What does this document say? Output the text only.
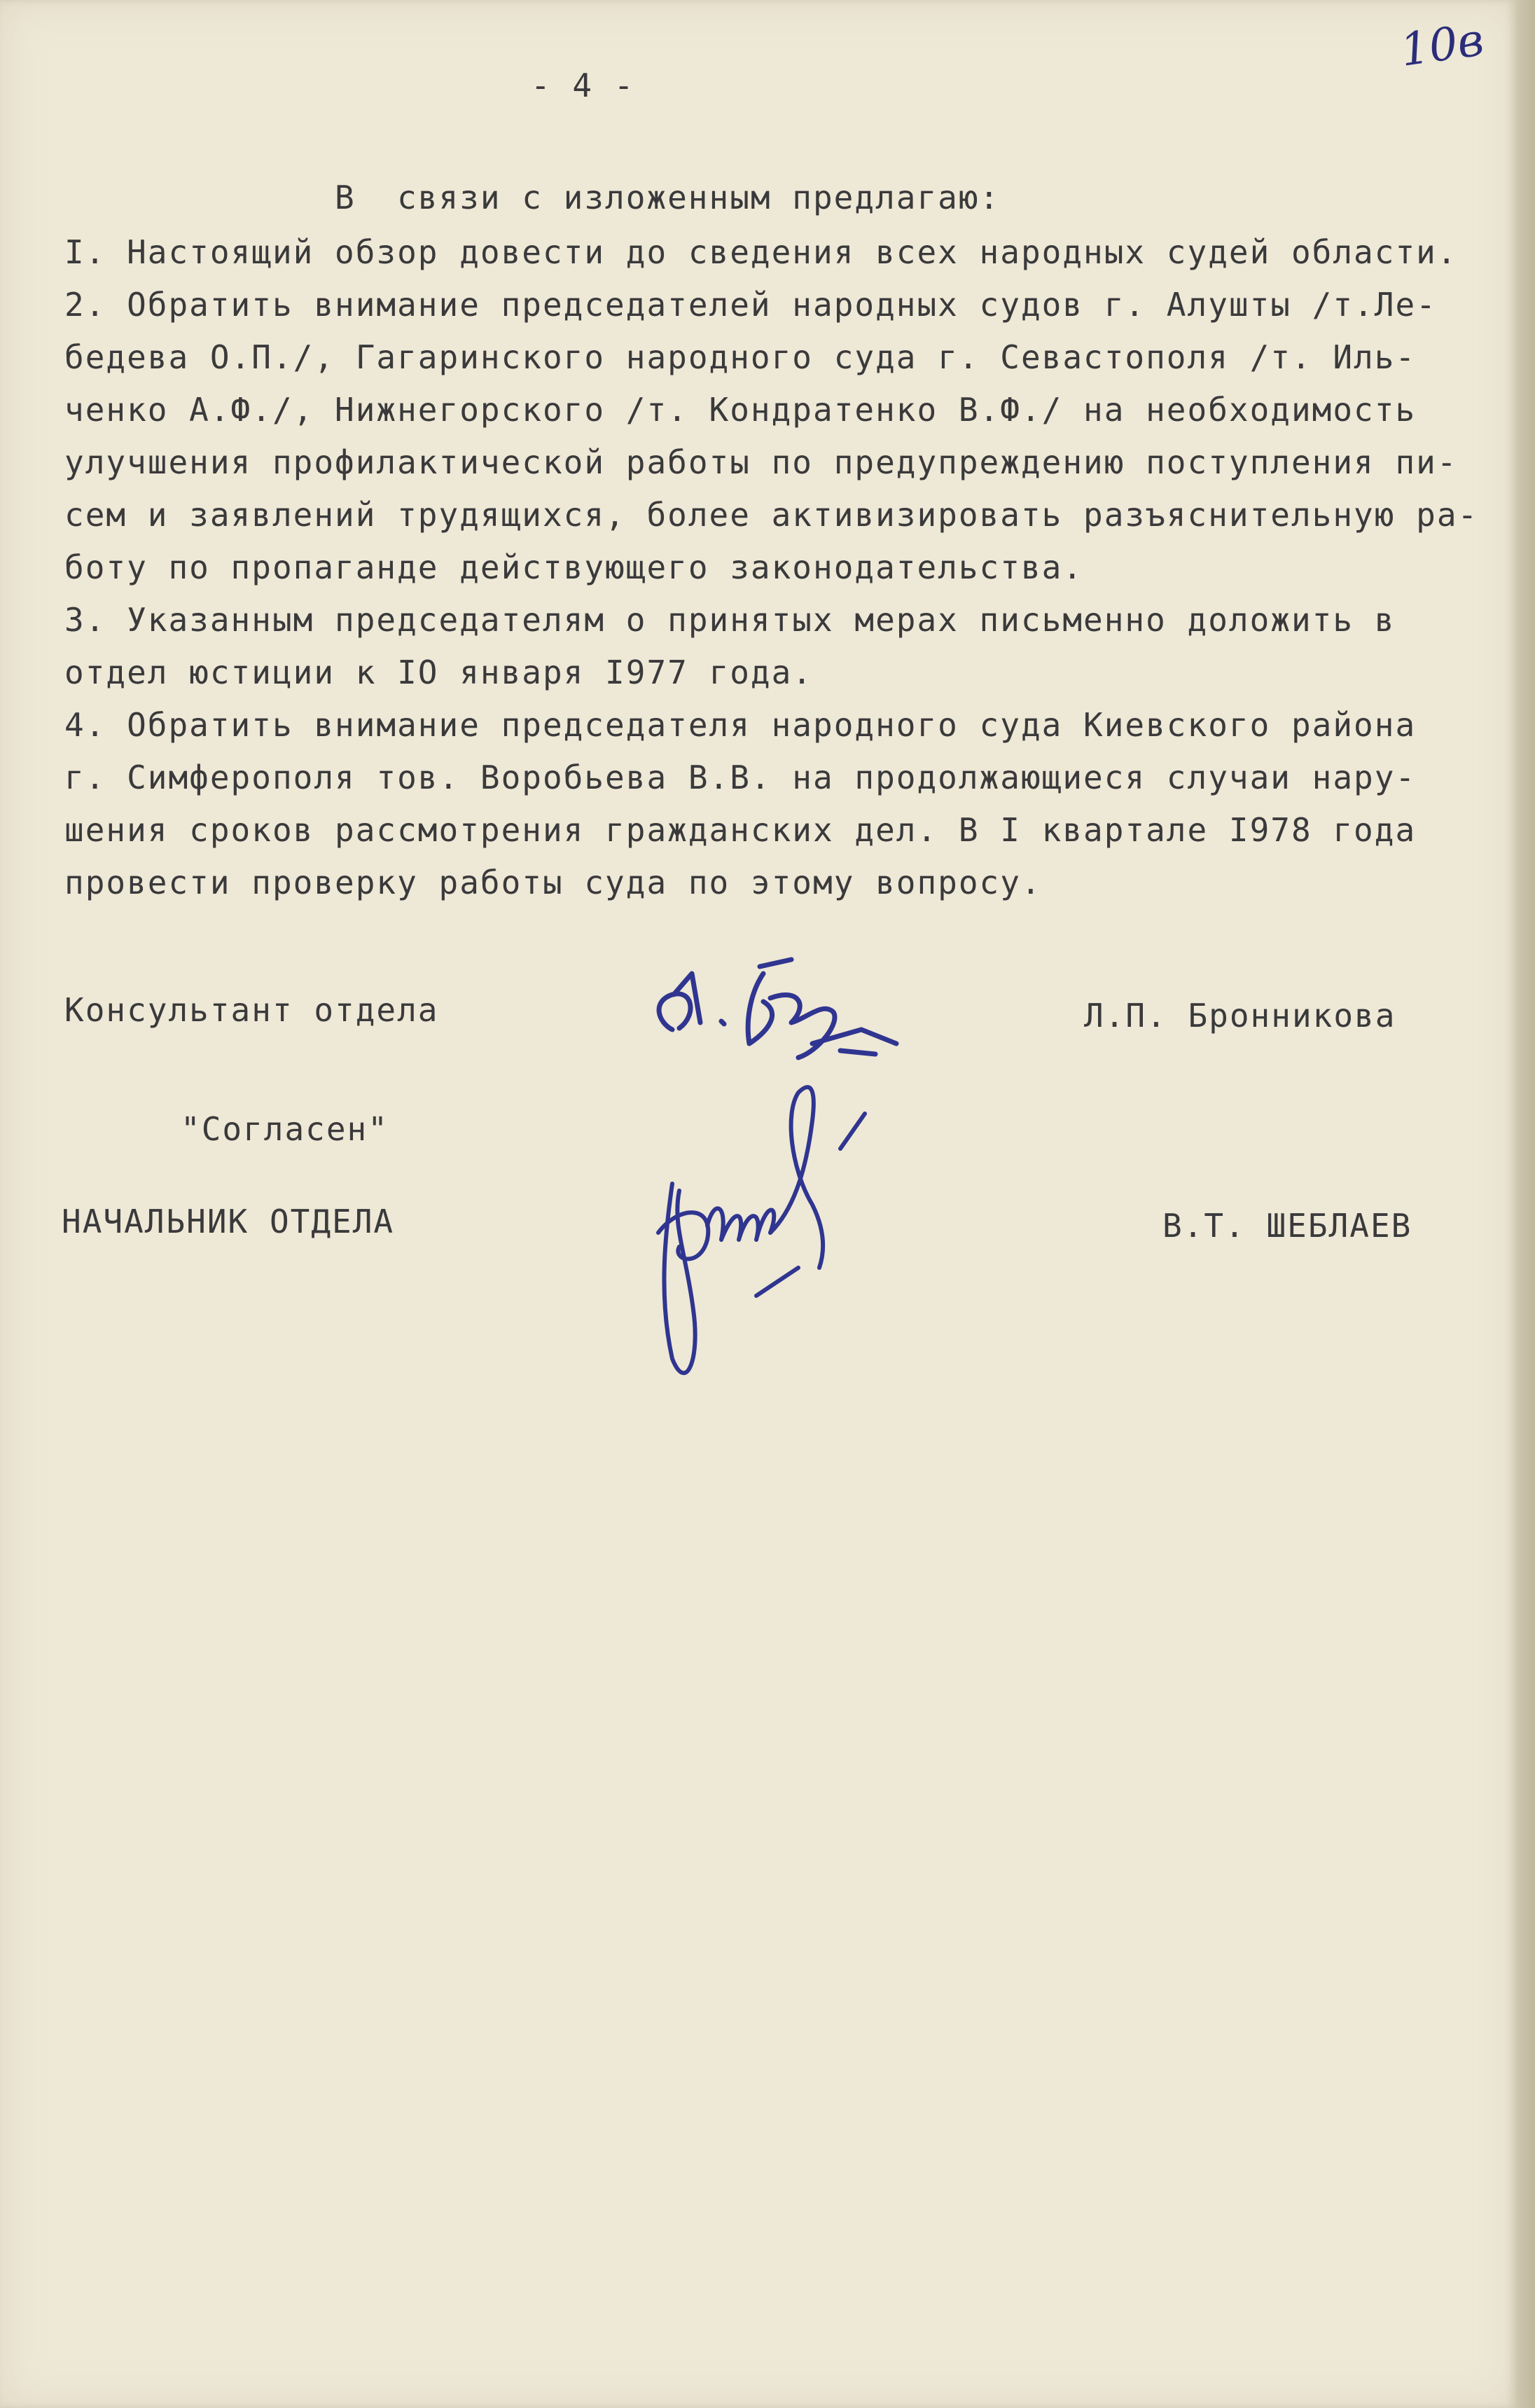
10в
- 4 -
В  связи с изложенным предлагаю:
I. Настоящий обзор довести до сведения всех народных судей области.
2. Обратить внимание председателей народных судов г. Алушты /т.Ле-
бедева О.П./, Гагаринского народного суда г. Севастополя /т. Иль-
ченко А.Ф./, Нижнегорского /т. Кондратенко В.Ф./ на необходимость
улучшения профилактической работы по предупреждению поступления пи-
сем и заявлений трудящихся, более активизировать разъяснительную ра-
боту по пропаганде действующего законодательства.
3. Указанным председателям о принятых мерах письменно доложить в
отдел юстиции к IO января I977 года.
4. Обратить внимание председателя народного суда Киевского района
г. Симферополя тов. Воробьева В.В. на продолжающиеся случаи нару-
шения сроков рассмотрения гражданских дел. В I квартале I978 года
провести проверку работы суда по этому вопросу.
Консультант отдела	Л.П. Бронникова
"Согласен"
НАЧАЛЬНИК ОТДЕЛА	В.Т. ШЕБЛАЕВ
